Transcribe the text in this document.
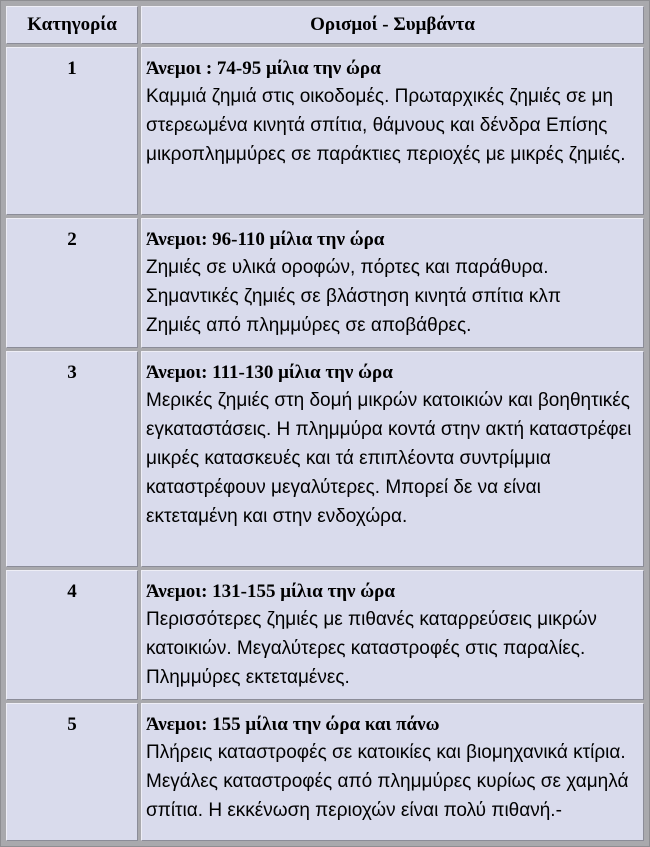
Κατηγορία	Ορισμοί - Συμβάντα
1	Άνεμοι : 74-95 μίλια την ώρα
Καμμιά ζημιά στις οικοδομές. Πρωταρχικές ζημιές σε μη στερεωμένα κινητά σπίτια, θάμνους και δένδρα Επίσης μικροπλημμύρες σε παράκτιες περιοχές με μικρές ζημιές.

2	Άνεμοι: 96-110 μίλια την ώρα
Ζημιές σε υλικά οροφών, πόρτες και παράθυρα. Σημαντικές ζημιές σε βλάστηση κινητά σπίτια κλπ
Ζημιές από πλημμύρες σε αποβάθρες.

3	Άνεμοι: 111-130 μίλια την ώρα
Μερικές ζημιές στη δομή μικρών κατοικιών και βοηθητικές εγκαταστάσεις. Η πλημμύρα κοντά στην ακτή καταστρέφει μικρές κατασκευές και τά επιπλέοντα συντρίμμια καταστρέφουν μεγαλύτερες. Μπορεί δε να είναι εκτεταμένη και στην ενδοχώρα.

4	Άνεμοι: 131-155 μίλια την ώρα
Περισσότερες ζημιές με πιθανές καταρρεύσεις μικρών κατοικιών. Μεγαλύτερες καταστροφές στις παραλίες. Πλημμύρες εκτεταμένες.

5	Άνεμοι: 155 μίλια την ώρα και πάνω
Πλήρεις καταστροφές σε κατοικίες και βιομηχανικά κτίρια. Μεγάλες καταστροφές από πλημμύρες κυρίως σε χαμηλά σπίτια. Η εκκένωση περιοχών είναι πολύ πιθανή.-
